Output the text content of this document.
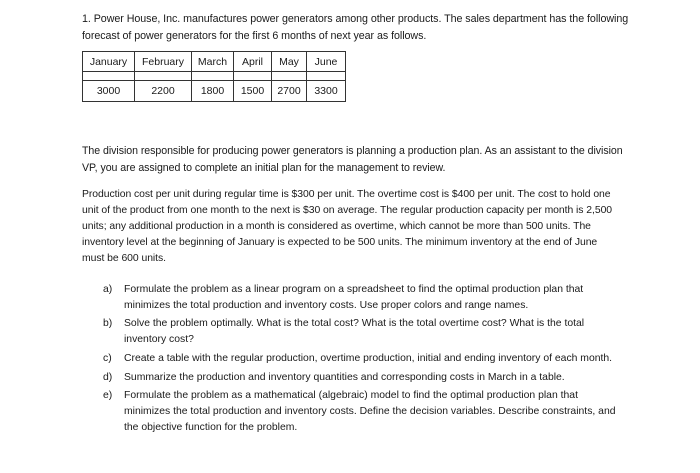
1. Power House, Inc. manufactures power generators among other products. The sales department has the following forecast of power generators for the first 6 months of next year as follows.

January	February	March	April	May	June

3000	2200	1800	1500	2700	3300

The division responsible for producing power generators is planning a production plan. As an assistant to the division VP, you are assigned to complete an initial plan for the management to review.

Production cost per unit during regular time is $300 per unit. The overtime cost is $400 per unit. The cost to hold one unit of the product from one month to the next is $30 on average. The regular production capacity per month is 2,500 units; any additional production in a month is considered as overtime, which cannot be more than 500 units. The inventory level at the beginning of January is expected to be 500 units. The minimum inventory at the end of June must be 600 units.

a) Formulate the problem as a linear program on a spreadsheet to find the optimal production plan that minimizes the total production and inventory costs. Use proper colors and range names.
b) Solve the problem optimally. What is the total cost? What is the total overtime cost? What is the total inventory cost?
c) Create a table with the regular production, overtime production, initial and ending inventory of each month.
d) Summarize the production and inventory quantities and corresponding costs in March in a table.
e) Formulate the problem as a mathematical (algebraic) model to find the optimal production plan that minimizes the total production and inventory costs. Define the decision variables. Describe constraints, and the objective function for the problem.
